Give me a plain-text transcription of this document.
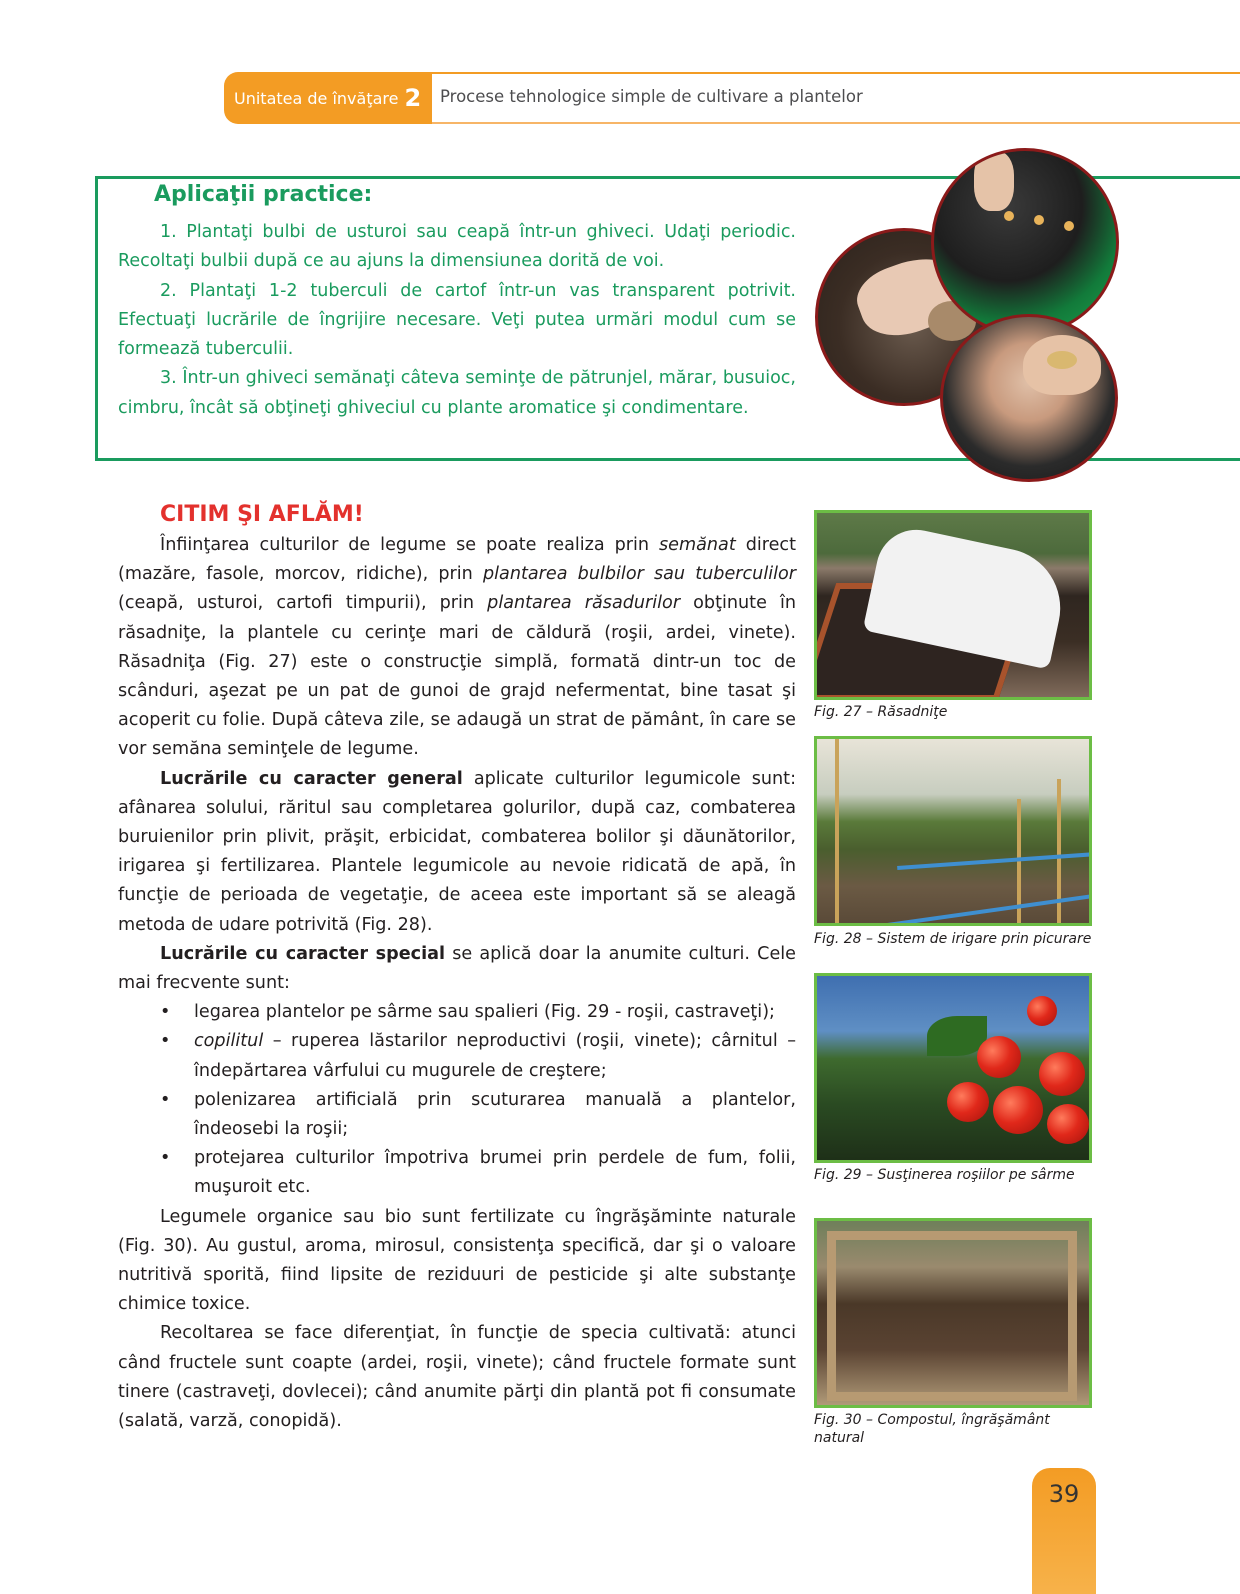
Unitatea de învăţare 2 Procese tehnologice simple de cultivare a plantelor
Aplicaţii practice:

1. Plantaţi bulbi de usturoi sau ceapă într-un ghiveci. Udaţi periodic. Recoltaţi bulbii după ce au ajuns la dimensiunea dorită de voi.

2. Plantaţi 1-2 tuberculi de cartof într-un vas transparent potrivit. Efectuaţi lucrările de îngrijire necesare. Veţi putea urmări modul cum se formează tuberculii.

3. Într-un ghiveci semănaţi câteva seminţe de pătrunjel, mărar, busuioc, cimbru, încât să obţineţi ghiveciul cu plante aromatice şi condimentare.

CITIM ŞI AFLĂM!

Înfiinţarea culturilor de legume se poate realiza prin semănat direct (mazăre, fasole, morcov, ridiche), prin plantarea bulbilor sau tuberculilor (ceapă, usturoi, cartofi timpurii), prin plantarea răsadurilor obţinute în răsadniţe, la plantele cu cerinţe mari de căldură (roşii, ardei, vinete). Răsadniţa (Fig. 27) este o construcţie simplă, formată dintr-un toc de scânduri, aşezat pe un pat de gunoi de grajd nefermentat, bine tasat şi acoperit cu folie. După câteva zile, se adaugă un strat de pământ, în care se vor semăna seminţele de legume.

Lucrările cu caracter general aplicate culturilor legumicole sunt: afânarea solului, răritul sau completarea golurilor, după caz, combaterea buruienilor prin plivit, prăşit, erbicidat, combaterea bolilor şi dăunătorilor, irigarea şi fertilizarea. Plantele legumicole au nevoie ridicată de apă, în funcţie de perioada de vegetaţie, de aceea este important să se aleagă metoda de udare potrivită (Fig. 28).

Lucrările cu caracter special se aplică doar la anumite culturi. Cele mai frecvente sunt:

• legarea plantelor pe sârme sau spalieri (Fig. 29 - roşii, castraveţi);
• copilitul – ruperea lăstarilor neproductivi (roşii, vinete); cârnitul – îndepărtarea vârfului cu mugurele de creştere;
• polenizarea artificială prin scuturarea manuală a plantelor, îndeosebi la roşii;
• protejarea culturilor împotriva brumei prin perdele de fum, folii, muşuroit etc.

Legumele organice sau bio sunt fertilizate cu îngrăşăminte naturale (Fig. 30). Au gustul, aroma, mirosul, consistenţa specifică, dar şi o valoare nutritivă sporită, fiind lipsite de reziduuri de pesticide şi alte substanţe chimice toxice.

Recoltarea se face diferenţiat, în funcţie de specia cultivată: atunci când fructele sunt coapte (ardei, roşii, vinete); când fructele formate sunt tinere (castraveţi, dovlecei); când anumite părţi din plantă pot fi consumate (salată, varză, conopidă).

Fig. 27 – Răsadniţe
Fig. 28 – Sistem de irigare prin picurare
Fig. 29 – Susţinerea roşiilor pe sârme
Fig. 30 – Compostul, îngrăşământ natural
39
